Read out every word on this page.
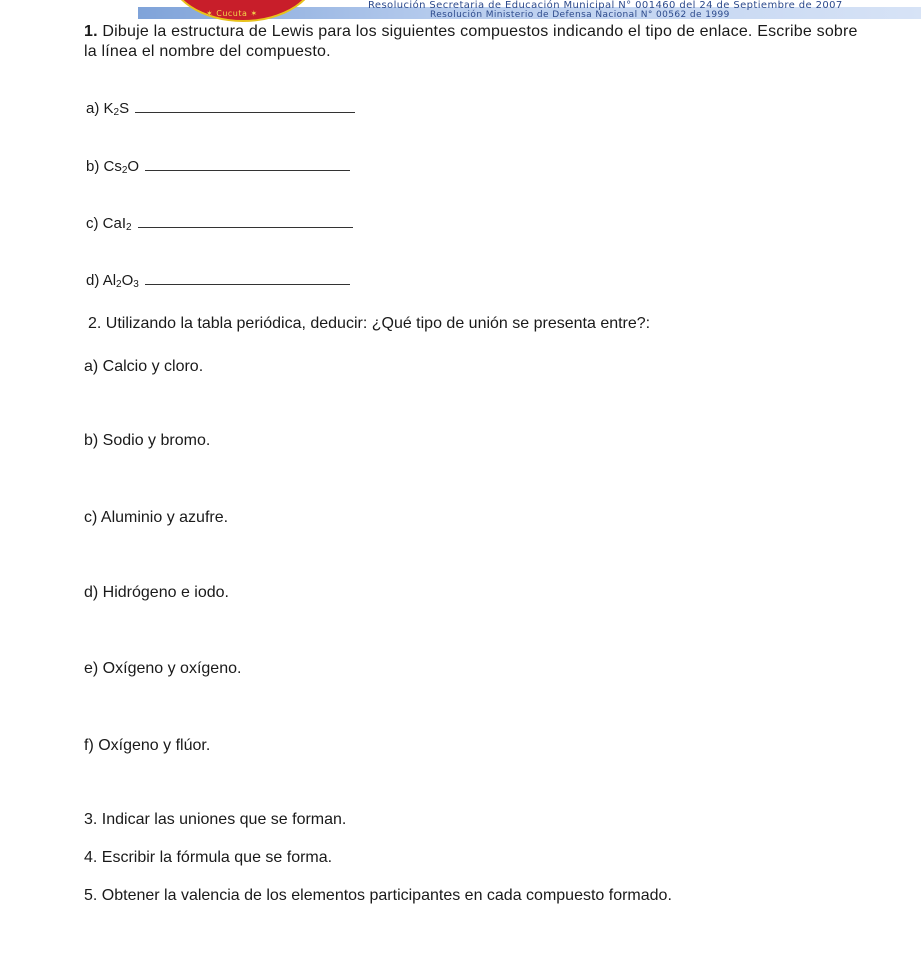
✶ Cucuta ✶
Resolución Secretaria de Educación Municipal N° 001460 del 24 de Septiembre de 2007
Resolución Ministerio de Defensa Nacional N° 00562 de 1999
1. Dibuje la estructura de Lewis para los siguientes compuestos indicando el tipo de enlace. Escribe sobre la línea el nombre del compuesto.
a) $K_2S$
b) $Cs_2O$
c) CaI$_2$
d) $Al_2O_3$
2. Utilizando la tabla periódica, deducir: ¿Qué tipo de unión se presenta entre?:
a) Calcio y cloro.
b) Sodio y bromo.
c) Aluminio y azufre.
d) Hidrógeno e iodo.
e) Oxígeno y oxígeno.
f) Oxígeno y flúor.
3. Indicar las uniones que se forman.
4. Escribir la fórmula que se forma.
5. Obtener la valencia de los elementos participantes en cada compuesto formado.
